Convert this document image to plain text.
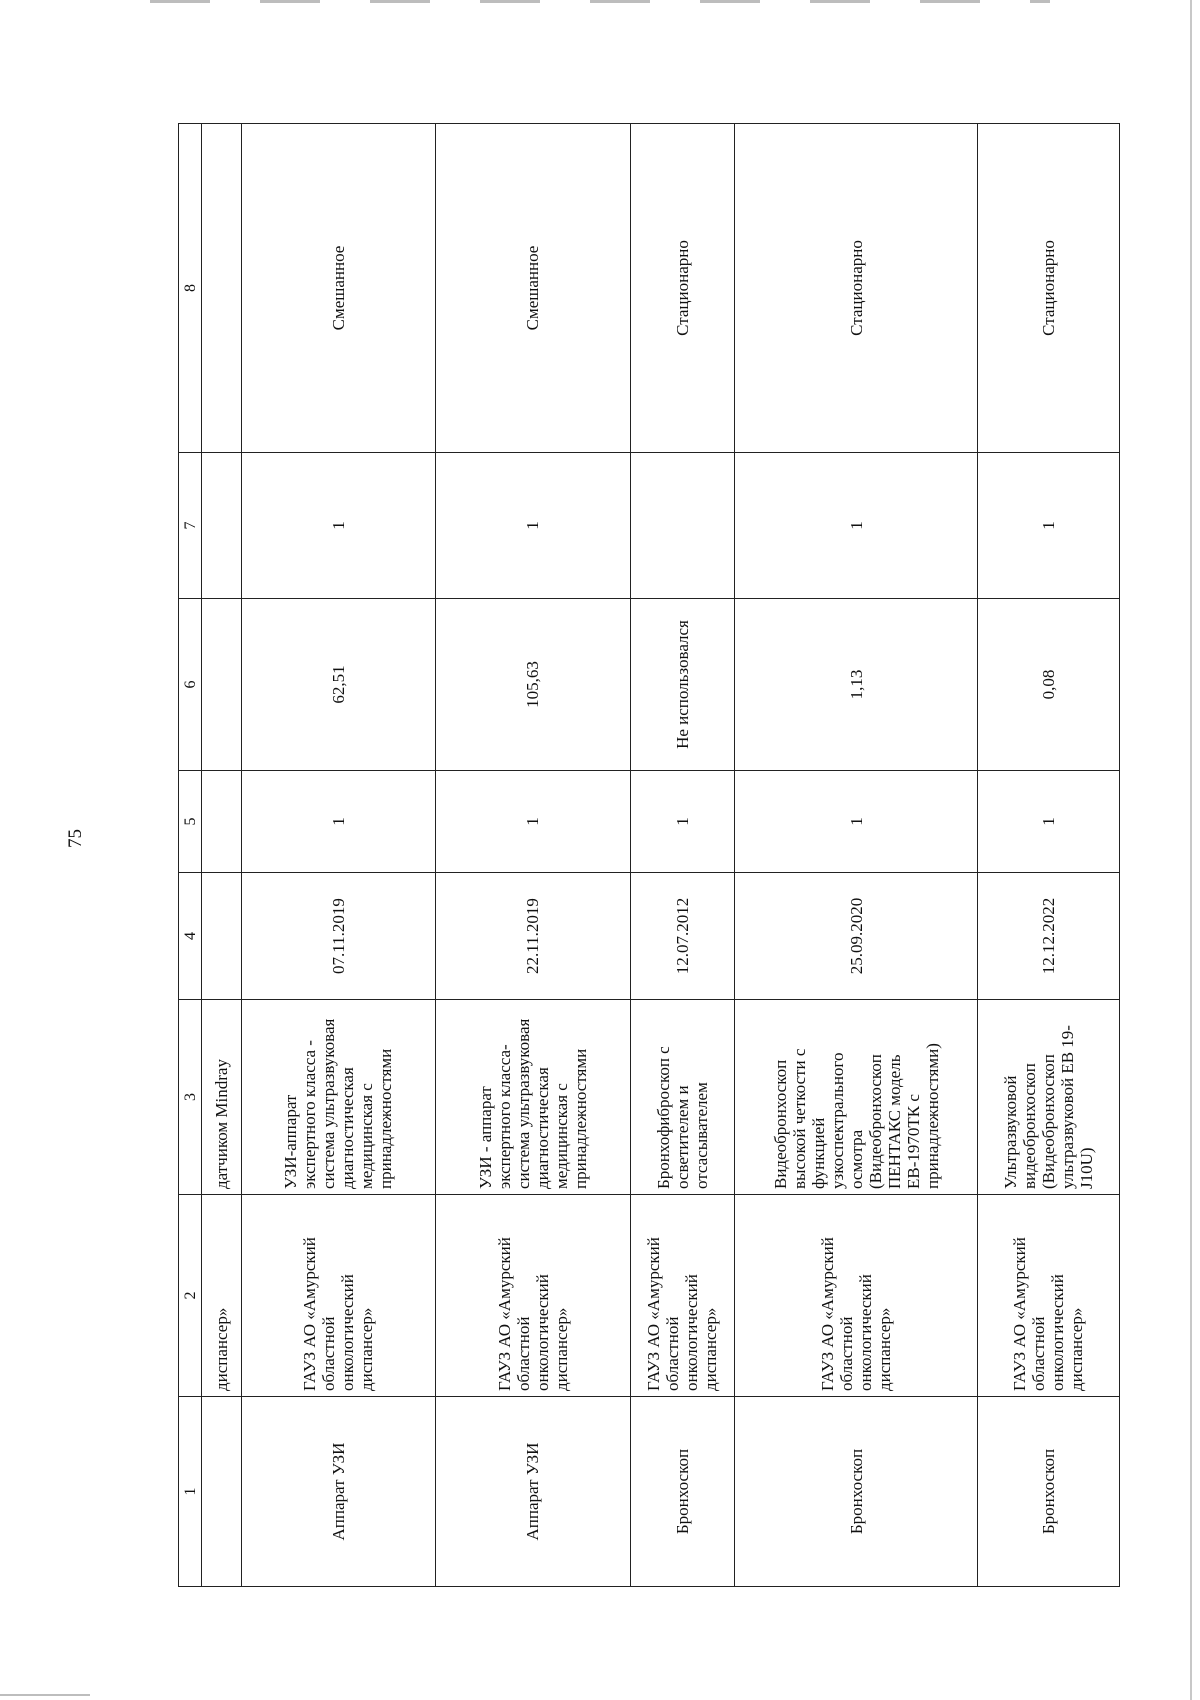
75
1	2	3	4	5	6	7	8
	диспансер»	датчиком Mindray					
Аппарат УЗИ	ГАУЗ АО «Амурский областной онкологический диспансер»	УЗИ-аппарат экспертного класса - система ультразвуковая диагностическая медицинская с принадлежностями	07.11.2019	1	62,51	1	Смешанное
Аппарат УЗИ	ГАУЗ АО «Амурский областной онкологический диспансер»	УЗИ - аппарат экспертного класса-система ультразвуковая диагностическая медицинская с принадлежностями	22.11.2019	1	105,63	1	Смешанное
Бронхоскоп	ГАУЗ АО «Амурский областной онкологический диспансер»	Бронхофиброскоп с осветителем и отсасывателем	12.07.2012	1	Не использовался		Стационарно
Бронхоскоп	ГАУЗ АО «Амурский областной онкологический диспансер»	Видеобронхоскоп высокой четкости с функцией узкоспектрального осмотра (Видеобронхоскоп ПЕНТАКС модель ЕВ-1970ТК с принадлежностями)	25.09.2020	1	1,13	1	Стационарно
Бронхоскоп	ГАУЗ АО «Амурский областной онкологический диспансер»	Ультразвуковой видеобронхоскоп (Видеобронхоскоп ультразвуковой ЕВ 19-J10U)	12.12.2022	1	0,08	1	Стационарно
